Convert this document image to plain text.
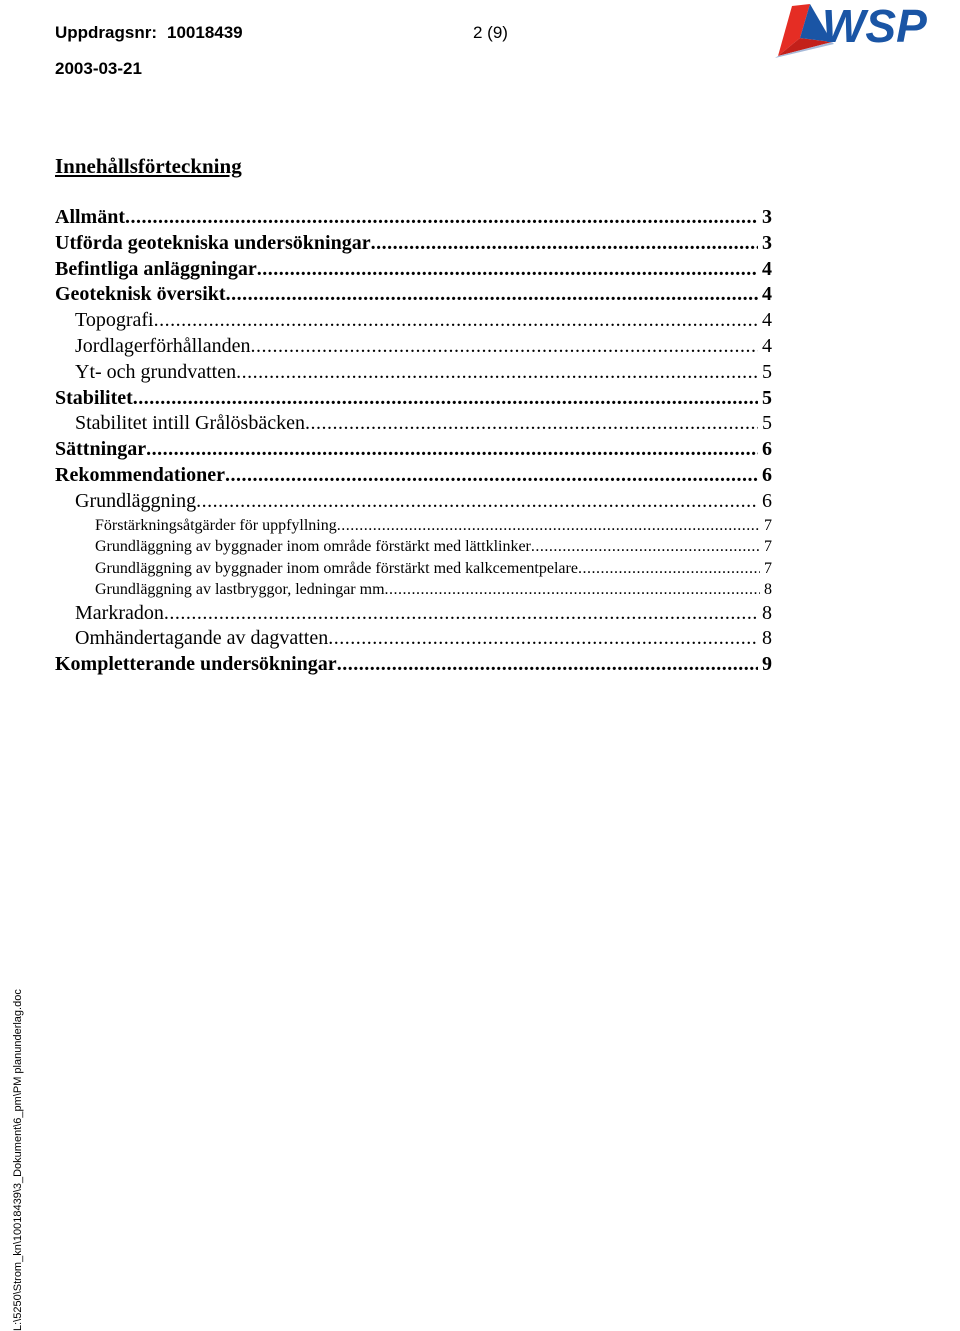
Uppdragsnr: 10018439	2 (9)
2003-03-21
WSP
Innehållsförteckning
Allmänt .....	3
Utförda geotekniska undersökningar .....	3
Befintliga anläggningar .....	4
Geoteknisk översikt .....	4
Topografi .....	4
Jordlagerförhållanden .....	4
Yt- och grundvatten .....	5
Stabilitet .....	5
Stabilitet intill Grålösbäcken .....	5
Sättningar .....	6
Rekommendationer .....	6
Grundläggning .....	6
Förstärkningsåtgärder för uppfyllning .....	7
Grundläggning av byggnader inom område förstärkt med lättklinker .....	7
Grundläggning av byggnader inom område förstärkt med kalkcementpelare .....	7
Grundläggning av lastbryggor, ledningar mm .....	8
Markradon .....	8
Omhändertagande av dagvatten .....	8
Kompletterande undersökningar .....	9
L:\5250\Strom_kn\10018439\3_Dokument\6_pm\PM planunderlag.doc
